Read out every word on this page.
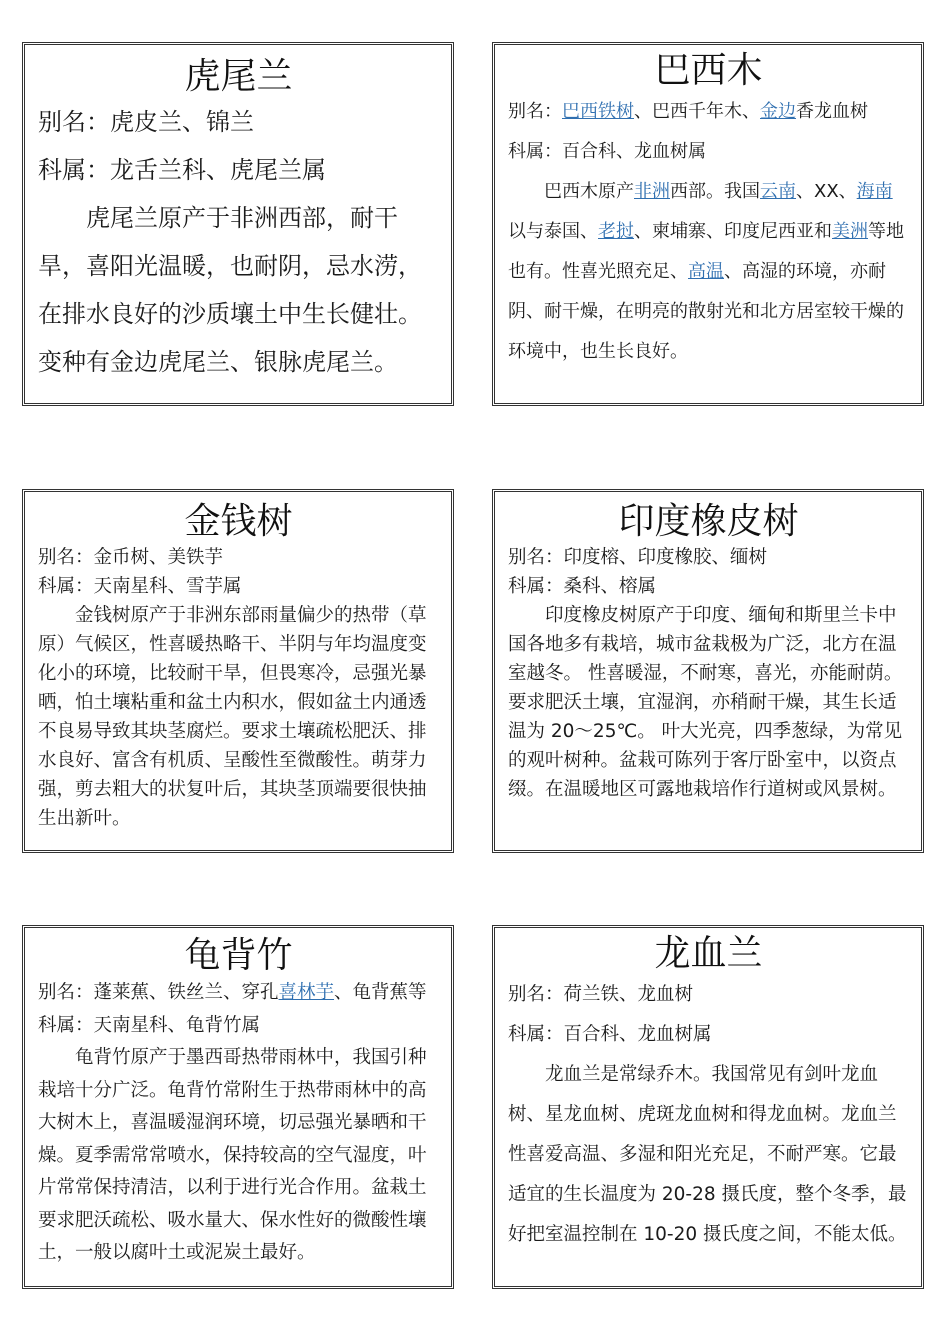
虎尾兰

别名：虎皮兰、锦兰

科属：龙舌兰科、虎尾兰属

虎尾兰原产于非洲西部，耐干旱，喜阳光温暖，也耐阴，忌水涝，在排水良好的沙质壤土中生长健壮。变种有金边虎尾兰、银脉虎尾兰。

巴西木

别名：巴西铁树、巴西千年木、金边香龙血树

科属：百合科、龙血树属

巴西木原产非洲西部。我国云南、XX、海南以与泰国、老挝、柬埔寨、印度尼西亚和美洲等地也有。性喜光照充足、高温、高湿的环境，亦耐阴、耐干燥，在明亮的散射光和北方居室较干燥的环境中，也生长良好。

金钱树

别名：金币树、美铁芋

科属：天南星科、雪芋属

金钱树原产于非洲东部雨量偏少的热带（草原）气候区，性喜暖热略干、半阴与年均温度变化小的环境，比较耐干旱，但畏寒冷，忌强光暴晒，怕土壤粘重和盆土内积水，假如盆土内通透不良易导致其块茎腐烂。要求土壤疏松肥沃、排水良好、富含有机质、呈酸性至微酸性。萌芽力强，剪去粗大的状复叶后，其块茎顶端要很快抽生出新叶。

印度橡皮树

别名：印度榕、印度橡胶、缅树

科属：桑科、榕属

印度橡皮树原产于印度、缅甸和斯里兰卡中国各地多有栽培，城市盆栽极为广泛，北方在温室越冬。 性喜暖湿，不耐寒，喜光，亦能耐荫。要求肥沃土壤，宜湿润，亦稍耐干燥，其生长适温为 20～25℃。 叶大光亮，四季葱绿，为常见的观叶树种。盆栽可陈列于客厅卧室中，以资点缀。在温暖地区可露地栽培作行道树或风景树。

龟背竹

别名：蓬莱蕉、铁丝兰、穿孔喜林芋、龟背蕉等

科属：天南星科、龟背竹属

龟背竹原产于墨西哥热带雨林中，我国引种栽培十分广泛。龟背竹常附生于热带雨林中的高大树木上，喜温暖湿润环境，切忌强光暴晒和干燥。夏季需常常喷水，保持较高的空气湿度，叶片常常保持清洁，以利于进行光合作用。盆栽土要求肥沃疏松、吸水量大、保水性好的微酸性壤土，一般以腐叶土或泥炭土最好。

龙血兰

别名：荷兰铁、龙血树

科属：百合科、龙血树属

龙血兰是常绿乔木。我国常见有剑叶龙血树、星龙血树、虎斑龙血树和得龙血树。龙血兰性喜爱高温、多湿和阳光充足，不耐严寒。它最适宜的生长温度为 20-28 摄氏度，整个冬季，最好把室温控制在 10-20 摄氏度之间，不能太低。
